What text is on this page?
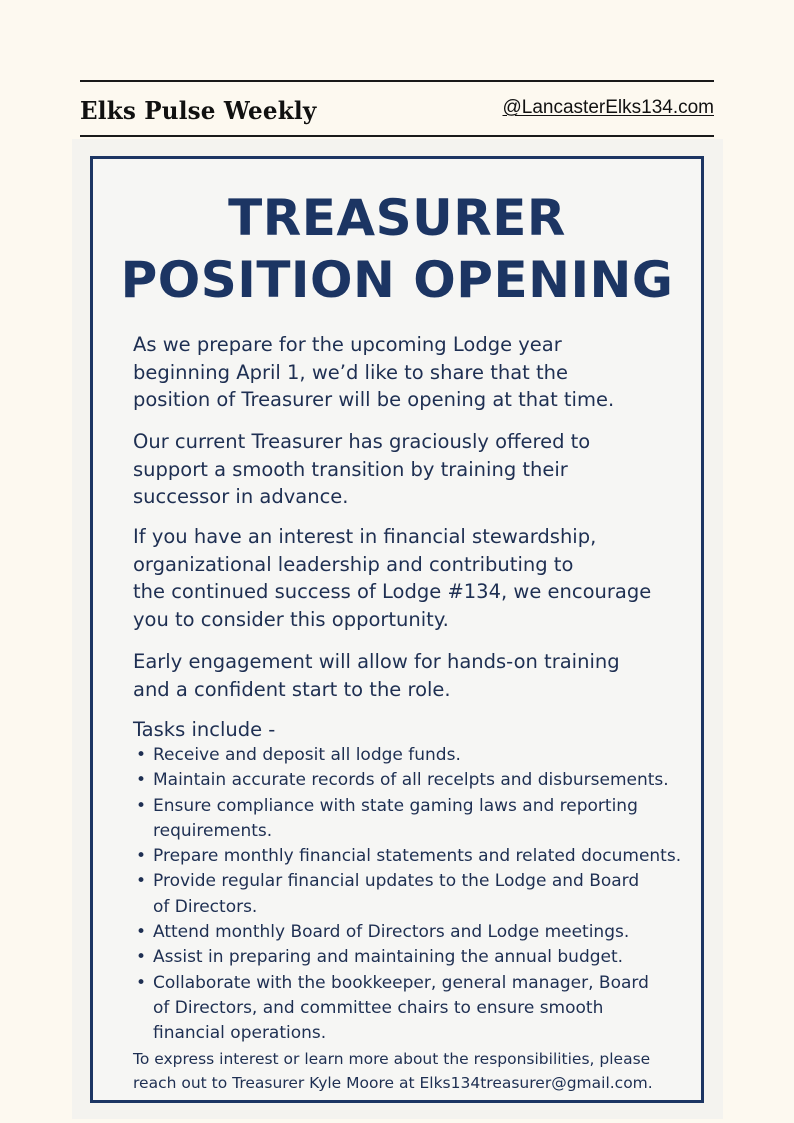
Elks Pulse Weekly	@LancasterElks134.com
TREASURER
POSITION OPENING
As we prepare for the upcoming Lodge year
beginning April 1, we’d like to share that the
position of Treasurer will be opening at that time.
Our current Treasurer has graciously offered to
support a smooth transition by training their
successor in advance.
If you have an interest in financial stewardship,
organizational leadership and contributing to
the continued success of Lodge #134, we encourage
you to consider this opportunity.
Early engagement will allow for hands-on training
and a confident start to the role.
Tasks include -
• Receive and deposit all lodge funds.
• Maintain accurate records of all recelpts and disbursements.
• Ensure compliance with state gaming laws and reporting
requirements.
• Prepare monthly financial statements and related documents.
• Provide regular financial updates to the Lodge and Board
of Directors.
• Attend monthly Board of Directors and Lodge meetings.
• Assist in preparing and maintaining the annual budget.
• Collaborate with the bookkeeper, general manager, Board
of Directors, and committee chairs to ensure smooth
financial operations.
To express interest or learn more about the responsibilities, please
reach out to Treasurer Kyle Moore at Elks134treasurer@gmail.com.
